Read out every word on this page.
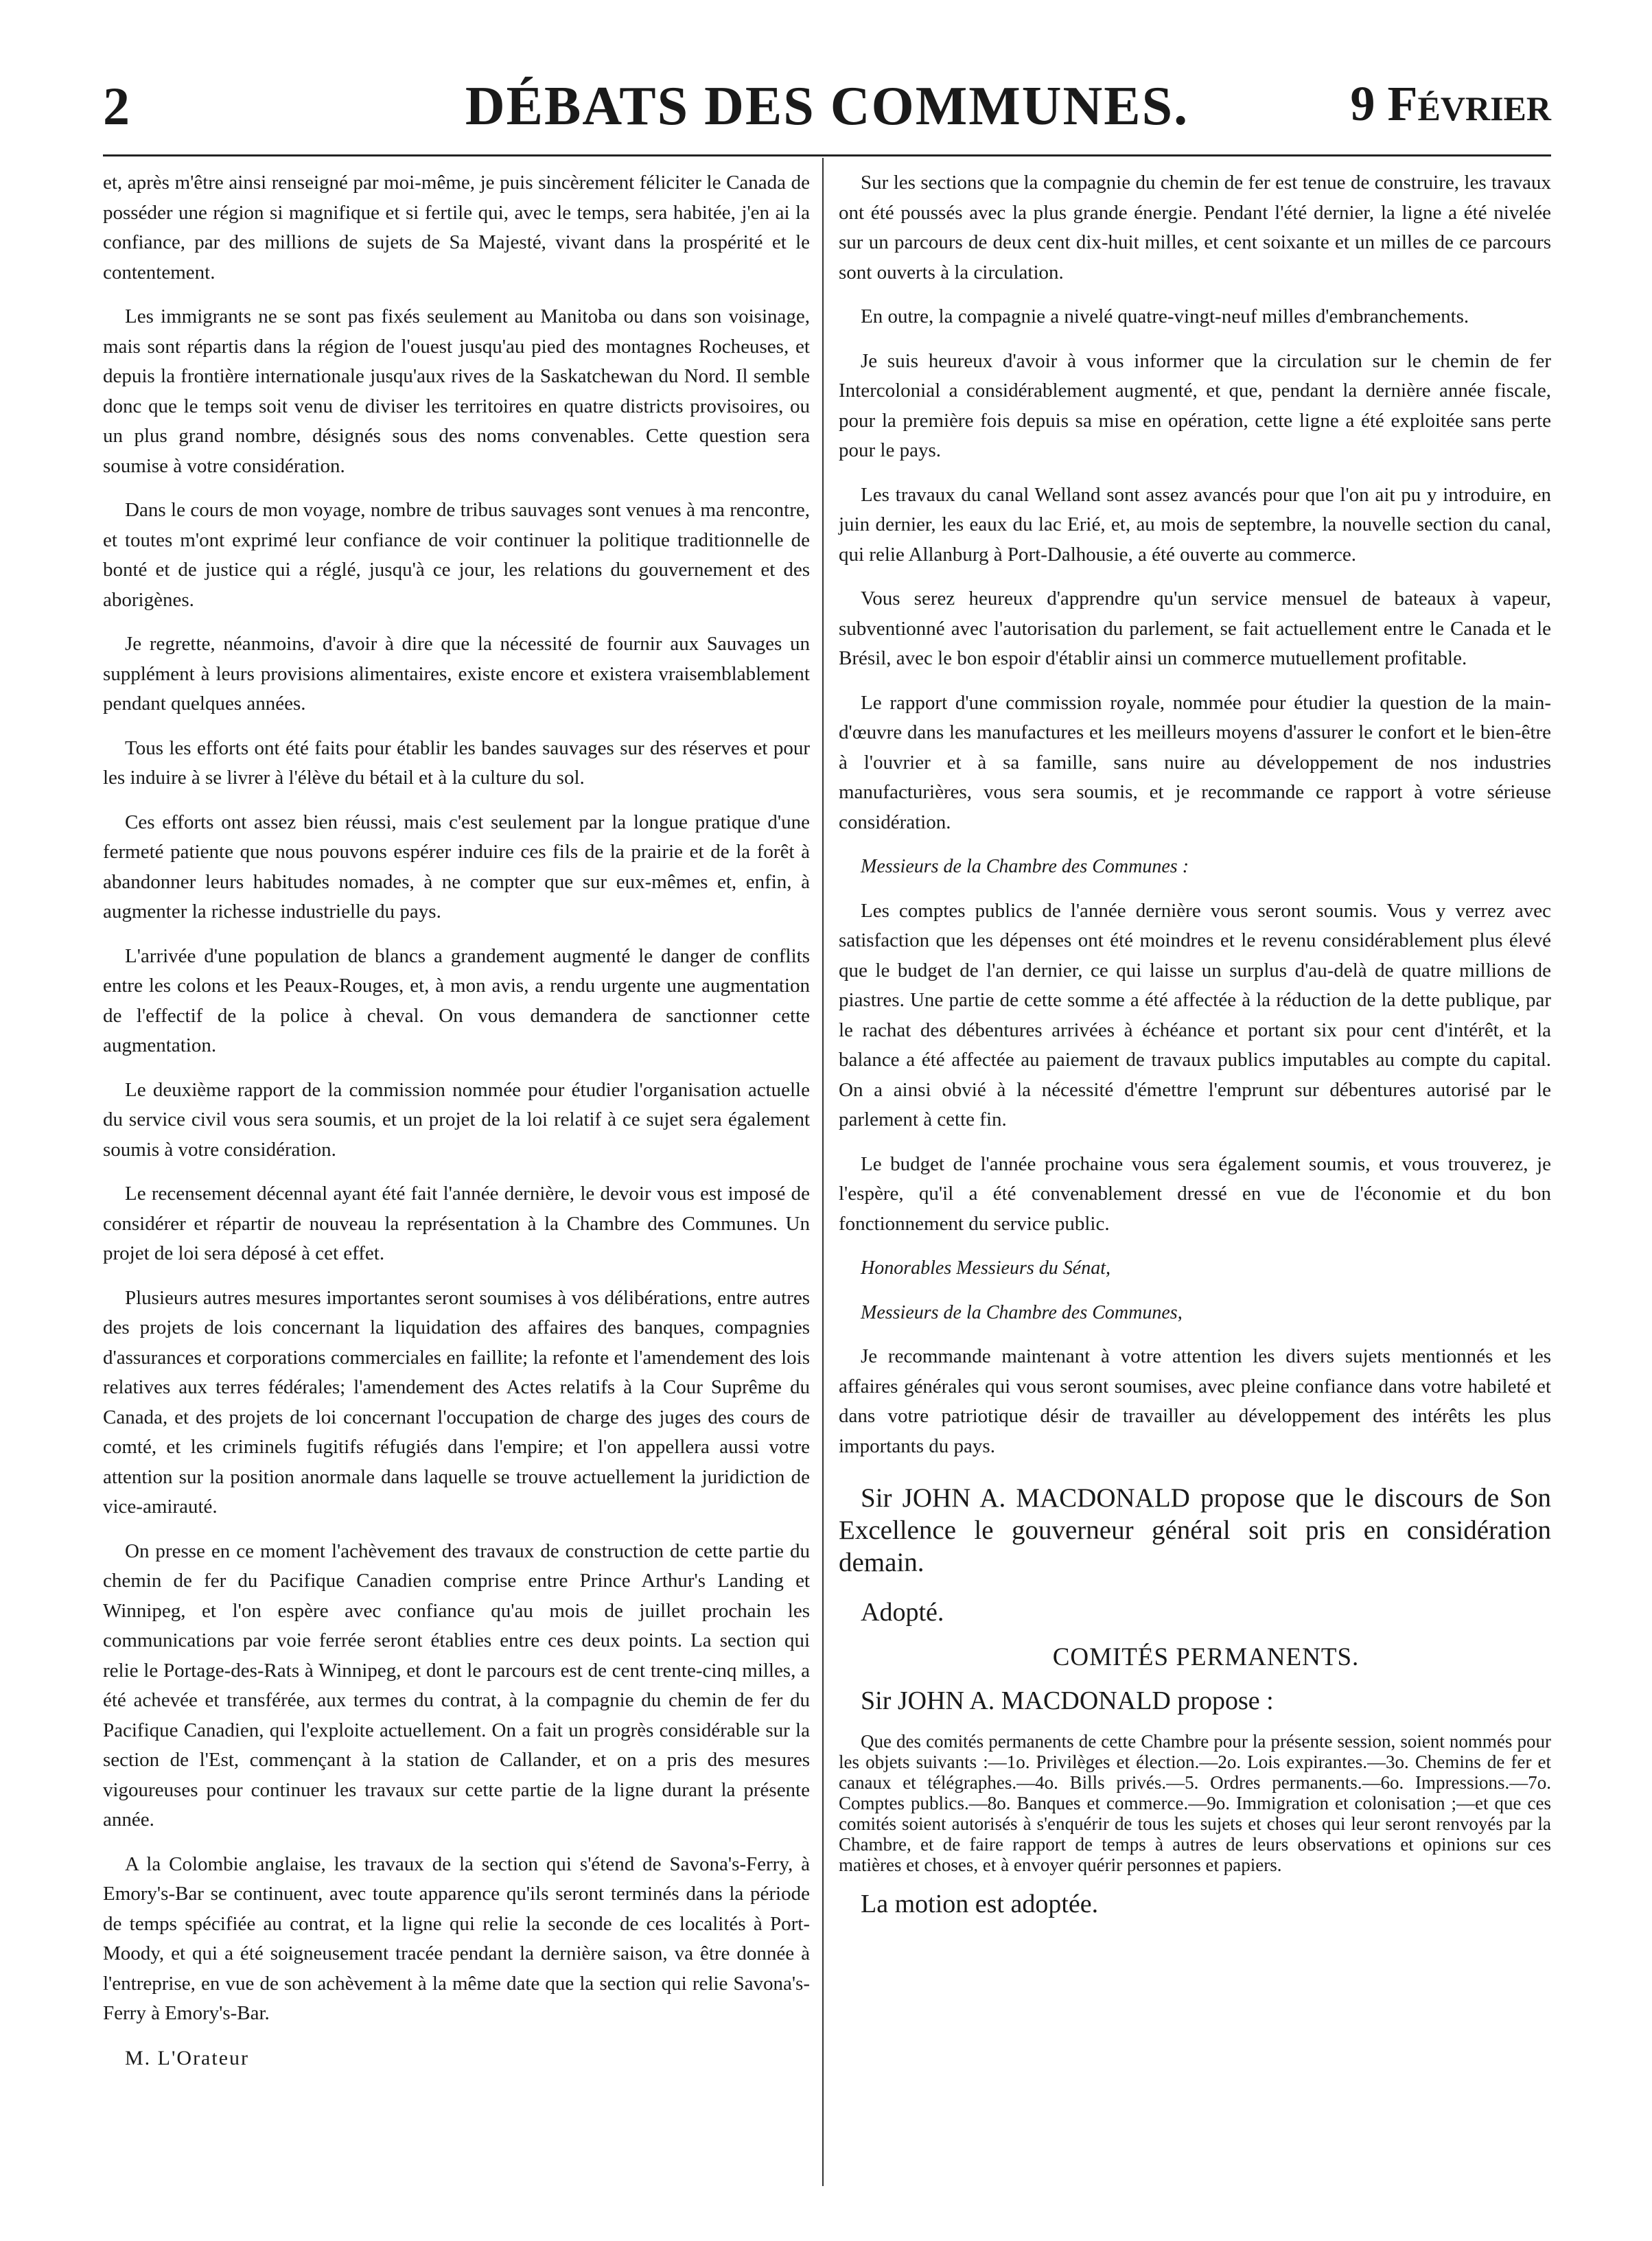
2	DÉBATS DES COMMUNES.	9 Février

et, après m'être ainsi renseigné par moi-même, je puis sincèrement féliciter le Canada de posséder une région si magnifique et si fertile qui, avec le temps, sera habitée, j'en ai la confiance, par des millions de sujets de Sa Majesté, vivant dans la prospérité et le contentement.

Les immigrants ne se sont pas fixés seulement au Manitoba ou dans son voisinage, mais sont répartis dans la région de l'ouest jusqu'au pied des montagnes Rocheuses, et depuis la frontière internationale jusqu'aux rives de la Saskatchewan du Nord. Il semble donc que le temps soit venu de diviser les territoires en quatre districts provisoires, ou un plus grand nombre, désignés sous des noms convenables. Cette question sera soumise à votre considération.

Dans le cours de mon voyage, nombre de tribus sauvages sont venues à ma rencontre, et toutes m'ont exprimé leur confiance de voir continuer la politique traditionnelle de bonté et de justice qui a réglé, jusqu'à ce jour, les relations du gouvernement et des aborigènes.

Je regrette, néanmoins, d'avoir à dire que la nécessité de fournir aux Sauvages un supplément à leurs provisions alimentaires, existe encore et existera vraisemblablement pendant quelques années.

Tous les efforts ont été faits pour établir les bandes sauvages sur des réserves et pour les induire à se livrer à l'élève du bétail et à la culture du sol.

Ces efforts ont assez bien réussi, mais c'est seulement par la longue pratique d'une fermeté patiente que nous pouvons espérer induire ces fils de la prairie et de la forêt à abandonner leurs habitudes nomades, à ne compter que sur eux-mêmes et, enfin, à augmenter la richesse industrielle du pays.

L'arrivée d'une population de blancs a grandement augmenté le danger de conflits entre les colons et les Peaux-Rouges, et, à mon avis, a rendu urgente une augmentation de l'effectif de la police à cheval. On vous demandera de sanctionner cette augmentation.

Le deuxième rapport de la commission nommée pour étudier l'organisation actuelle du service civil vous sera soumis, et un projet de la loi relatif à ce sujet sera également soumis à votre considération.

Le recensement décennal ayant été fait l'année dernière, le devoir vous est imposé de considérer et répartir de nouveau la représentation à la Chambre des Communes. Un projet de loi sera déposé à cet effet.

Plusieurs autres mesures importantes seront soumises à vos délibérations, entre autres des projets de lois concernant la liquidation des affaires des banques, compagnies d'assurances et corporations commerciales en faillite; la refonte et l'amendement des lois relatives aux terres fédérales; l'amendement des Actes relatifs à la Cour Suprême du Canada, et des projets de loi concernant l'occupation de charge des juges des cours de comté, et les criminels fugitifs réfugiés dans l'empire; et l'on appellera aussi votre attention sur la position anormale dans laquelle se trouve actuellement la juridiction de vice-amirauté.

On presse en ce moment l'achèvement des travaux de construction de cette partie du chemin de fer du Pacifique Canadien comprise entre Prince Arthur's Landing et Winnipeg, et l'on espère avec confiance qu'au mois de juillet prochain les communications par voie ferrée seront établies entre ces deux points. La section qui relie le Portage-des-Rats à Winnipeg, et dont le parcours est de cent trente-cinq milles, a été achevée et transférée, aux termes du contrat, à la compagnie du chemin de fer du Pacifique Canadien, qui l'exploite actuellement. On a fait un progrès considérable sur la section de l'Est, commençant à la station de Callander, et on a pris des mesures vigoureuses pour continuer les travaux sur cette partie de la ligne durant la présente année.

A la Colombie anglaise, les travaux de la section qui s'étend de Savona's-Ferry, à Emory's-Bar se continuent, avec toute apparence qu'ils seront terminés dans la période de temps spécifiée au contrat, et la ligne qui relie la seconde de ces localités à Port-Moody, et qui a été soigneusement tracée pendant la dernière saison, va être donnée à l'entreprise, en vue de son achèvement à la même date que la section qui relie Savona's-Ferry à Emory's-Bar.

M. L'Orateur

Sur les sections que la compagnie du chemin de fer est tenue de construire, les travaux ont été poussés avec la plus grande énergie. Pendant l'été dernier, la ligne a été nivelée sur un parcours de deux cent dix-huit milles, et cent soixante et un milles de ce parcours sont ouverts à la circulation.

En outre, la compagnie a nivelé quatre-vingt-neuf milles d'embranchements.

Je suis heureux d'avoir à vous informer que la circulation sur le chemin de fer Intercolonial a considérablement augmenté, et que, pendant la dernière année fiscale, pour la première fois depuis sa mise en opération, cette ligne a été exploitée sans perte pour le pays.

Les travaux du canal Welland sont assez avancés pour que l'on ait pu y introduire, en juin dernier, les eaux du lac Erié, et, au mois de septembre, la nouvelle section du canal, qui relie Allanburg à Port-Dalhousie, a été ouverte au commerce.

Vous serez heureux d'apprendre qu'un service mensuel de bateaux à vapeur, subventionné avec l'autorisation du parlement, se fait actuellement entre le Canada et le Brésil, avec le bon espoir d'établir ainsi un commerce mutuellement profitable.

Le rapport d'une commission royale, nommée pour étudier la question de la main-d'œuvre dans les manufactures et les meilleurs moyens d'assurer le confort et le bien-être à l'ouvrier et à sa famille, sans nuire au développement de nos industries manufacturières, vous sera soumis, et je recommande ce rapport à votre sérieuse considération.

Messieurs de la Chambre des Communes :

Les comptes publics de l'année dernière vous seront soumis. Vous y verrez avec satisfaction que les dépenses ont été moindres et le revenu considérablement plus élevé que le budget de l'an dernier, ce qui laisse un surplus d'au-delà de quatre millions de piastres. Une partie de cette somme a été affectée à la réduction de la dette publique, par le rachat des débentures arrivées à échéance et portant six pour cent d'intérêt, et la balance a été affectée au paiement de travaux publics imputables au compte du capital. On a ainsi obvié à la nécessité d'émettre l'emprunt sur débentures autorisé par le parlement à cette fin.

Le budget de l'année prochaine vous sera également soumis, et vous trouverez, je l'espère, qu'il a été convenablement dressé en vue de l'économie et du bon fonctionnement du service public.

Honorables Messieurs du Sénat,

Messieurs de la Chambre des Communes,

Je recommande maintenant à votre attention les divers sujets mentionnés et les affaires générales qui vous seront soumises, avec pleine confiance dans votre habileté et dans votre patriotique désir de travailler au développement des intérêts les plus importants du pays.

Sir JOHN A. MACDONALD propose que le discours de Son Excellence le gouverneur général soit pris en considération demain.

Adopté.

COMITÉS PERMANENTS.

Sir JOHN A. MACDONALD propose :

Que des comités permanents de cette Chambre pour la présente session, soient nommés pour les objets suivants :—1o. Privilèges et élection.—2o. Lois expirantes.—3o. Chemins de fer et canaux et télégraphes.—4o. Bills privés.—5. Ordres permanents.—6o. Impressions.—7o. Comptes publics.—8o. Banques et commerce.—9o. Immigration et colonisation ;—et que ces comités soient autorisés à s'enquérir de tous les sujets et choses qui leur seront renvoyés par la Chambre, et de faire rapport de temps à autres de leurs observations et opinions sur ces matières et choses, et à envoyer quérir personnes et papiers.

La motion est adoptée.
